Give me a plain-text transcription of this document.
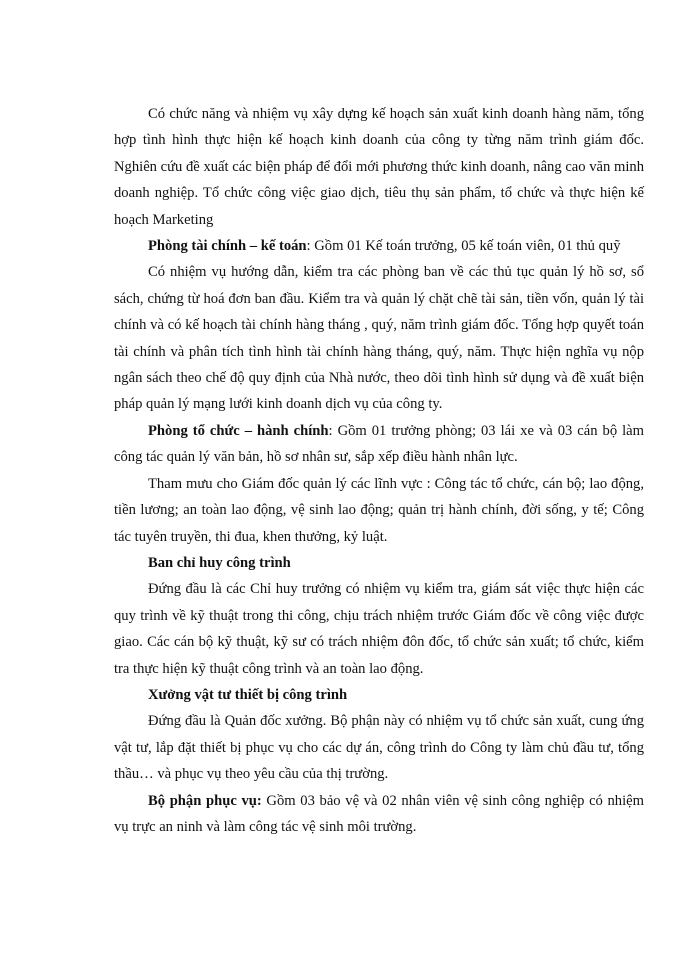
Có chức năng và nhiệm vụ xây dựng kế hoạch sản xuất kinh doanh hàng năm, tổng hợp tình hình thực hiện kế hoạch kinh doanh của công ty từng năm trình giám đốc. Nghiên cứu đề xuất các biện pháp để đổi mới phương thức kinh doanh, nâng cao văn minh doanh nghiệp. Tổ chức công việc giao dịch, tiêu thụ sản phẩm, tổ chức và thực hiện kế hoạch Marketing

Phòng tài chính – kế toán: Gồm 01 Kế toán trưởng, 05 kế toán viên, 01 thủ quỹ

Có nhiệm vụ hướng dẫn, kiểm tra các phòng ban về các thủ tục quản lý hồ sơ, sổ sách, chứng từ hoá đơn ban đầu. Kiểm tra và quản lý chặt chẽ tài sản, tiền vốn, quản lý tài chính và có kế hoạch tài chính hàng tháng , quý, năm trình giám đốc. Tổng hợp quyết toán tài chính và phân tích tình hình tài chính hàng tháng, quý, năm. Thực hiện nghĩa vụ nộp ngân sách theo chế độ quy định của Nhà nước, theo dõi tình hình sử dụng và đề xuất biện pháp quản lý mạng lưới kinh doanh dịch vụ của công ty.

Phòng tổ chức – hành chính: Gồm 01 trưởng phòng; 03 lái xe và 03 cán bộ làm công tác quản lý văn bản, hồ sơ nhân sư, sắp xếp điều hành nhân lực.

Tham mưu cho Giám đốc quản lý các lĩnh vực : Công tác tổ chức, cán bộ; lao động, tiền lương; an toàn lao động, vệ sinh lao động; quản trị hành chính, đời sống, y tế; Công tác tuyên truyền, thi đua, khen thưởng, kỷ luật.

Ban chỉ huy công trình

Đứng đầu là các Chỉ huy trưởng có nhiệm vụ kiểm tra, giám sát việc thực hiện các quy trình về kỹ thuật trong thi công, chịu trách nhiệm trước Giám đốc về công việc được giao. Các cán bộ kỹ thuật, kỹ sư có trách nhiệm đôn đốc, tổ chức sản xuất; tổ chức, kiểm tra thực hiện kỹ thuật công trình và an toàn lao động.

Xưởng vật tư thiết bị công trình

Đứng đầu là Quản đốc xưởng. Bộ phận này có nhiệm vụ tổ chức sản xuất, cung ứng vật tư, lắp đặt thiết bị phục vụ cho các dự án, công trình do Công ty làm chủ đầu tư, tổng thầu… và phục vụ theo yêu cầu của thị trường.

Bộ phận phục vụ: Gồm 03 bảo vệ và 02 nhân viên vệ sinh công nghiệp có nhiệm vụ trực an ninh và làm công tác vệ sinh môi trường.
